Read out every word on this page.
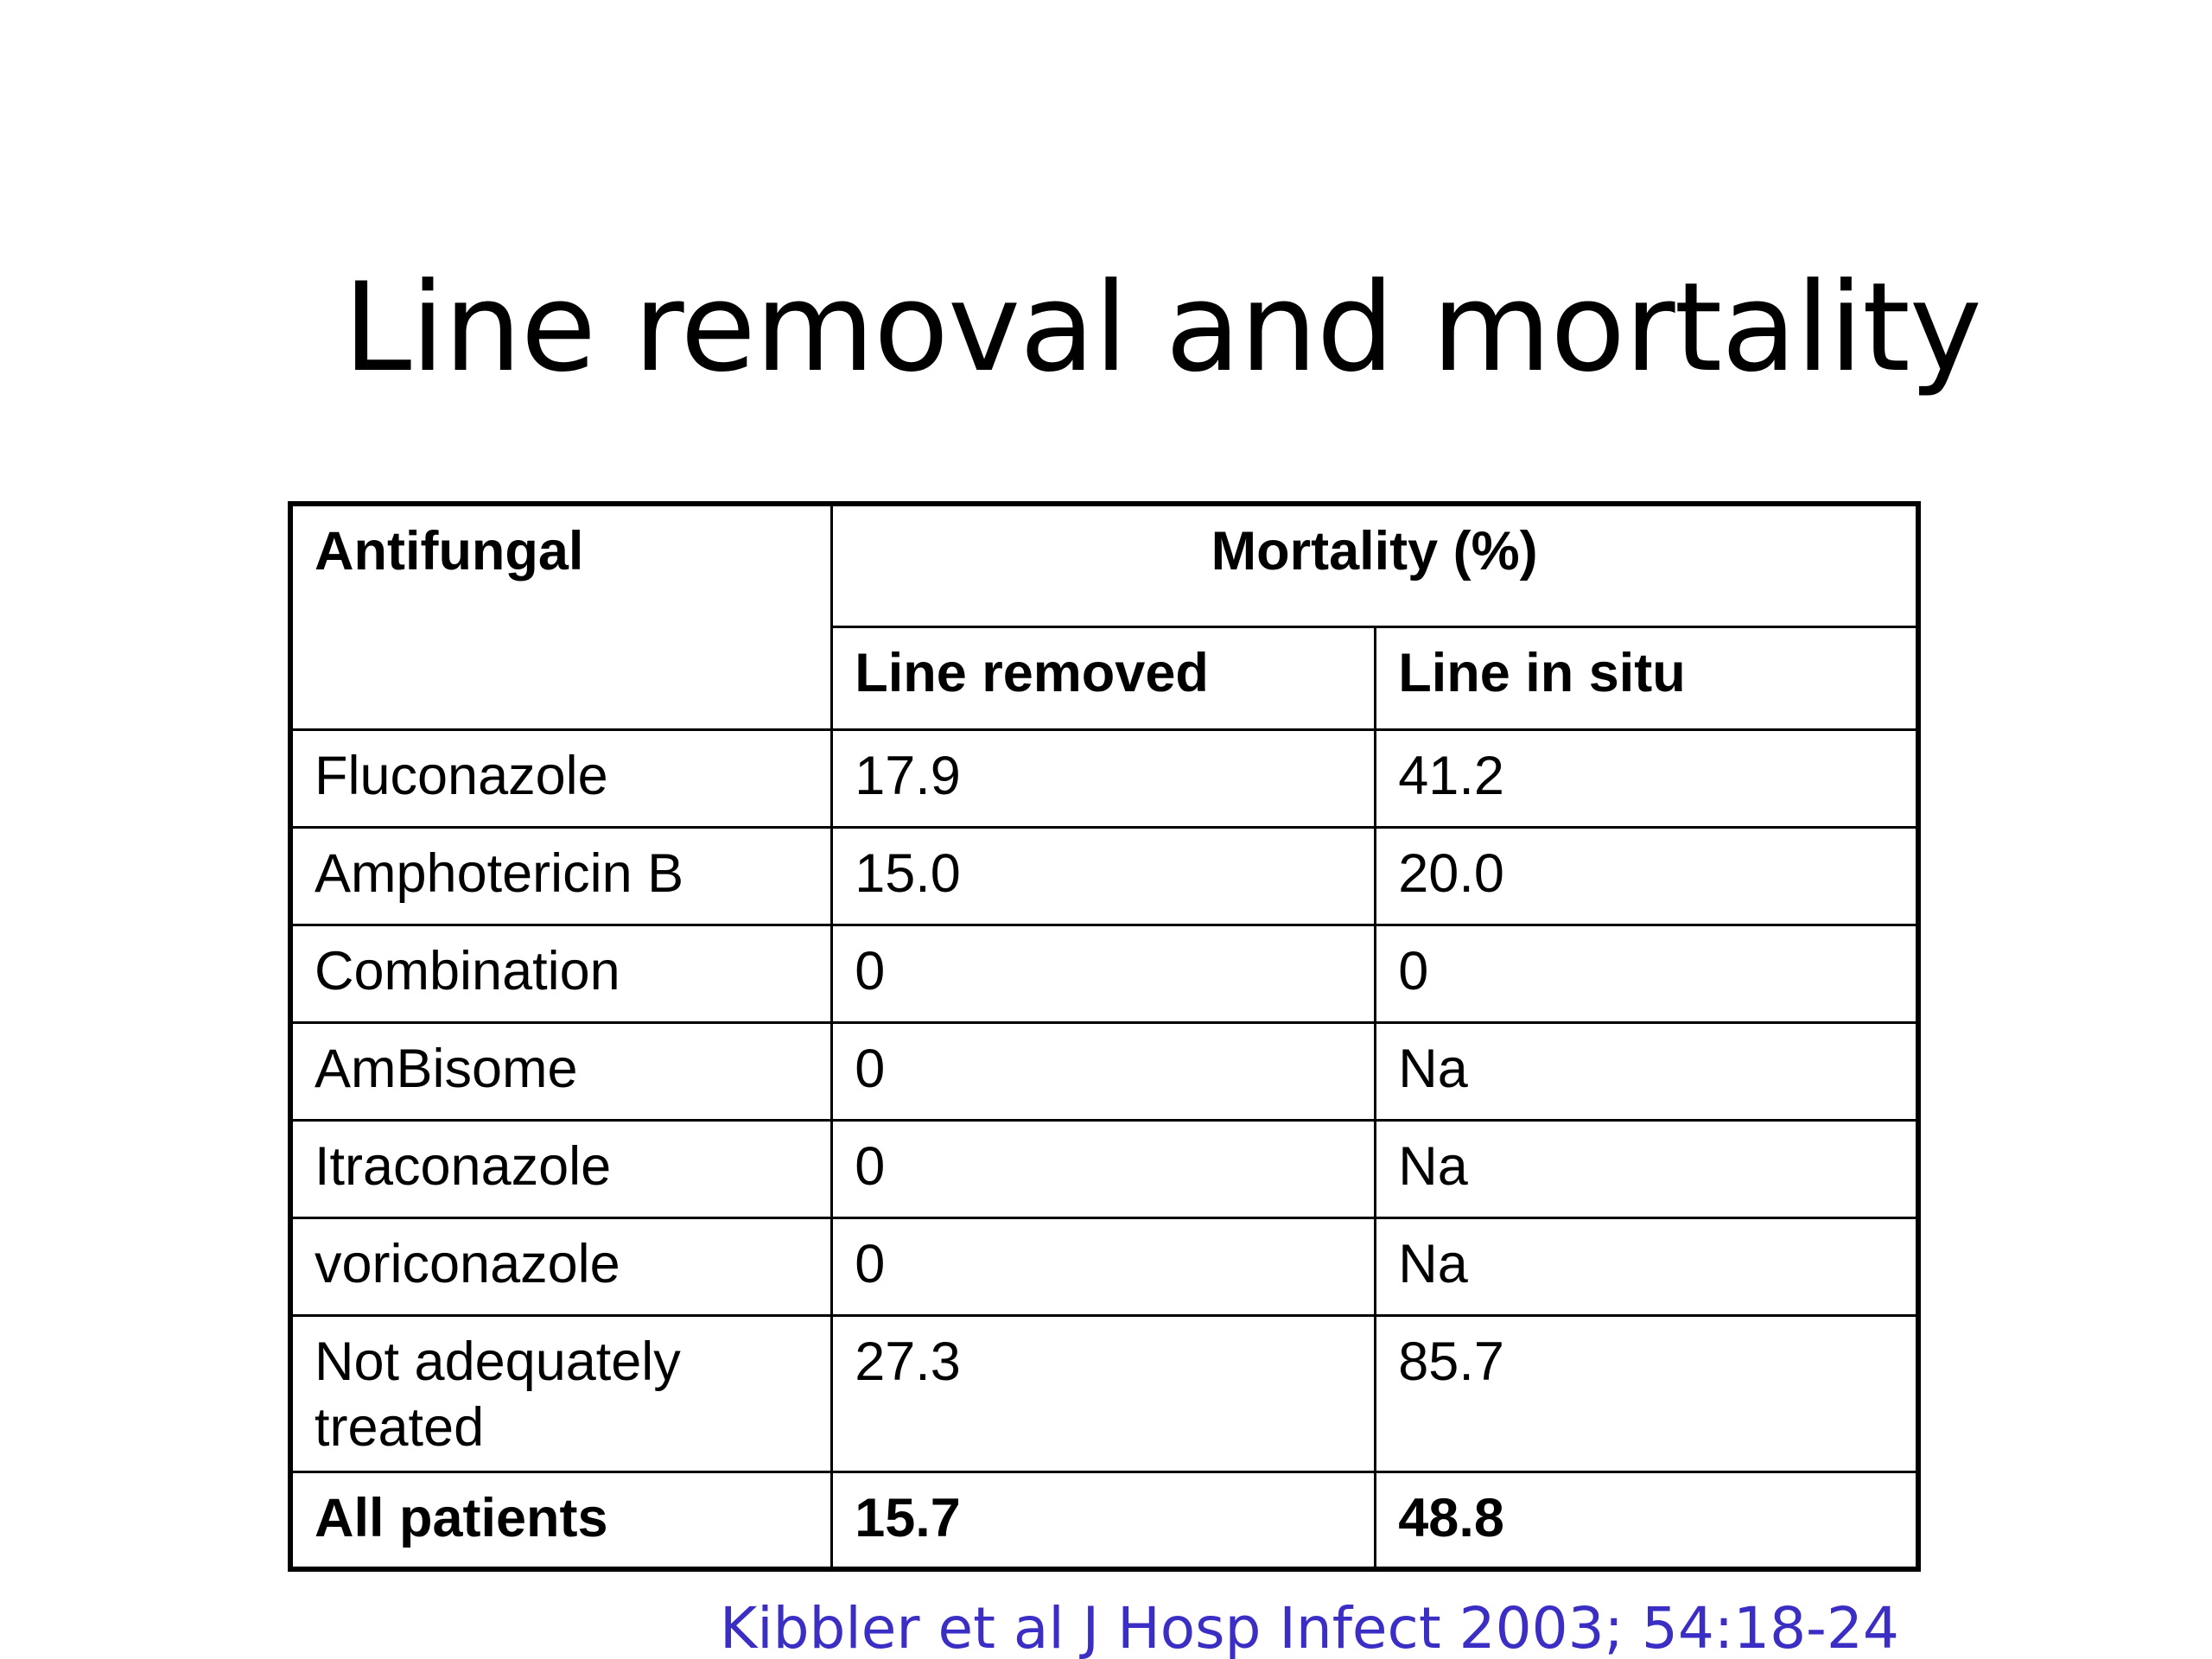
Line removal and mortality
Antifungal	Mortality (%)	
	Line removed	Line in situ
Fluconazole	17.9	41.2
Amphotericin B	15.0	20.0
Combination	0	0
AmBisome	0	Na
Itraconazole	0	Na
voriconazole	0	Na
Not adequately treated	27.3	85.7
All patients	15.7	48.8

Kibbler et al J Hosp Infect 2003; 54:18-24
